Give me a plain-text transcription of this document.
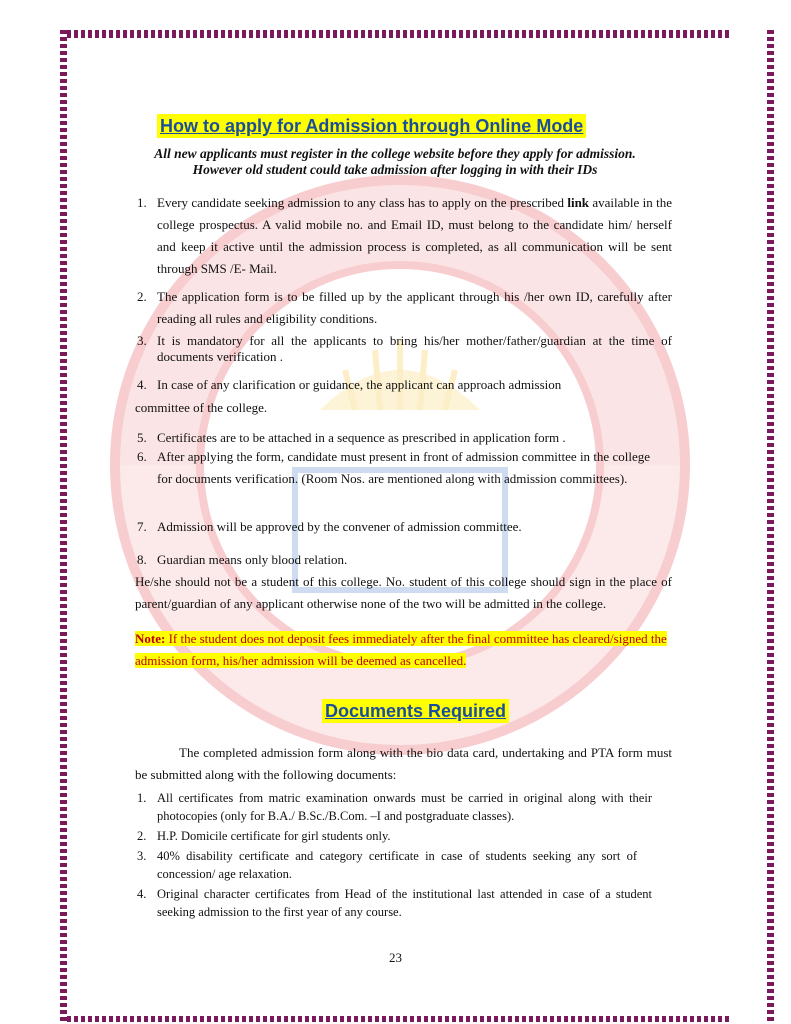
How to apply for Admission through Online Mode
All new applicants must register in the college website before they apply for admission.
However old student could take admission after logging in with their IDs
1. Every candidate seeking admission to any class has to apply on the prescribed link available in the college prospectus. A valid mobile no. and Email ID, must belong to the candidate him/ herself and keep it active until the admission process is completed, as all communication will be sent through SMS /E- Mail.
2. The application form is to be filled up by the applicant through his /her own ID, carefully after reading all rules and eligibility conditions.
3. It is mandatory for all the applicants to bring his/her mother/father/guardian at the time of documents verification .
4. In case of any clarification or guidance, the applicant can approach admission
committee of the college.
5. Certificates are to be attached in a sequence as prescribed in application form .
6. After applying the form, candidate must present in front of admission committee in the college for documents verification. (Room Nos. are mentioned along with admission committees).
7. Admission will be approved by the convener of admission committee.
8. Guardian means only blood relation.
He/she should not be a student of this college. No. student of this college should sign in the place of parent/guardian of any applicant otherwise none of the two will be admitted in the college.
Note: If the student does not deposit fees immediately after the final committee has cleared/signed the admission form, his/her admission will be deemed as cancelled.
Documents Required
The completed admission form along with the bio data card, undertaking and PTA form must be submitted along with the following documents:
1. All certificates from matric examination onwards must be carried in original along with their photocopies (only for B.A./ B.Sc./B.Com. –I and postgraduate classes).
2. H.P. Domicile certificate for girl students only.
3. 40% disability certificate and category certificate in case of students seeking any sort of concession/ age relaxation.
4. Original character certificates from Head of the institutional last attended in case of a student seeking admission to the first year of any course.
23
